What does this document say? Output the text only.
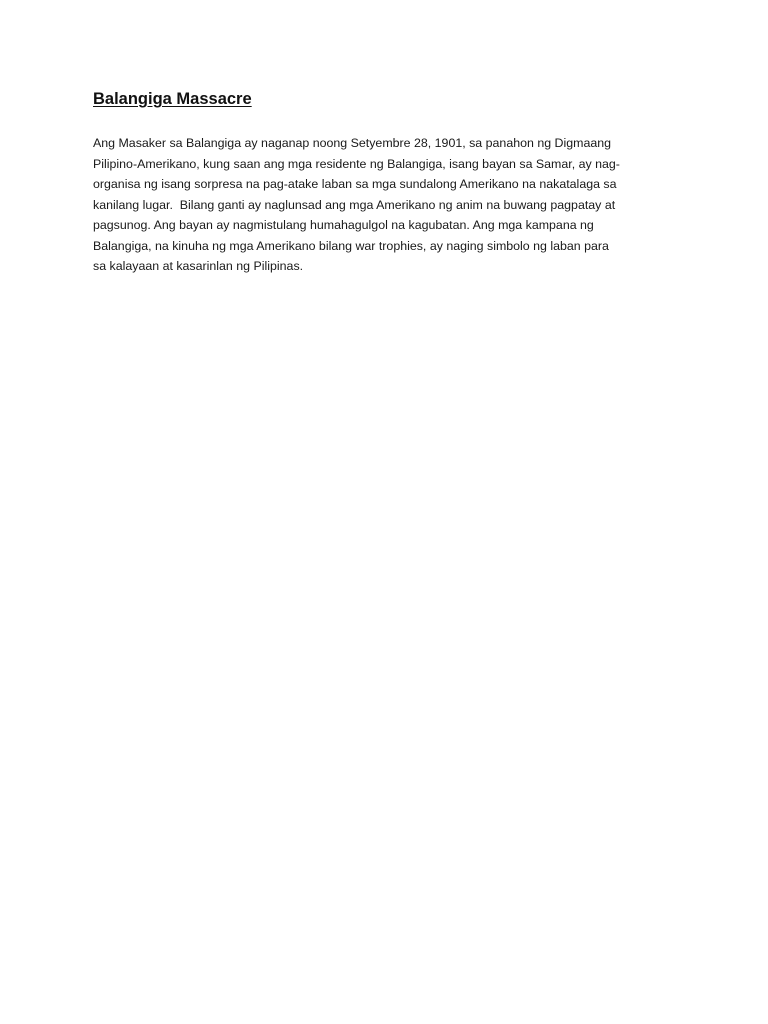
Balangiga Massacre

Ang Masaker sa Balangiga ay naganap noong Setyembre 28, 1901, sa panahon ng Digmaang
Pilipino-Amerikano, kung saan ang mga residente ng Balangiga, isang bayan sa Samar, ay nag-
organisa ng isang sorpresa na pag-atake laban sa mga sundalong Amerikano na nakatalaga sa
kanilang lugar.  Bilang ganti ay naglunsad ang mga Amerikano ng anim na buwang pagpatay at
pagsunog. Ang bayan ay nagmistulang humahagulgol na kagubatan. Ang mga kampana ng
Balangiga, na kinuha ng mga Amerikano bilang war trophies, ay naging simbolo ng laban para
sa kalayaan at kasarinlan ng Pilipinas.
